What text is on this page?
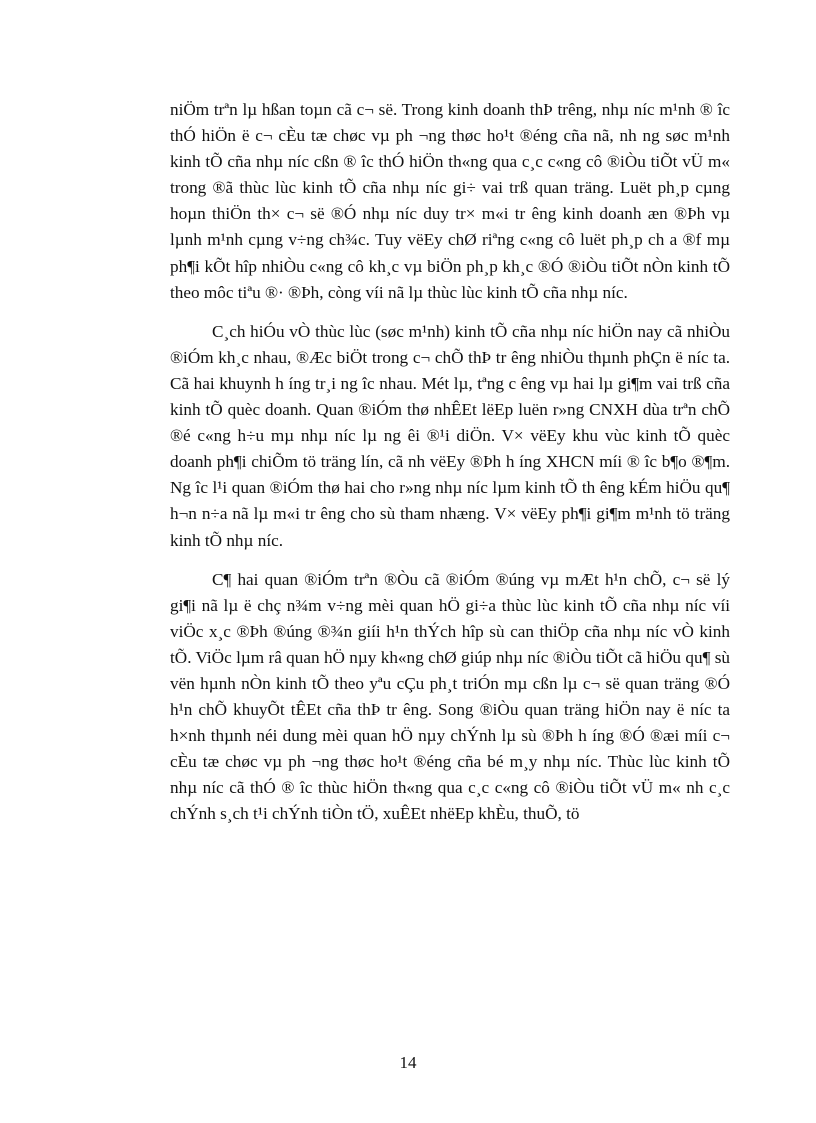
niÖm trªn lµ hßan toµn cã c¬ së. Trong kinh doanh thÞ trêng, nhµ níc m¹nh ® îc thÓ hiÖn ë c¬ cÈu tæ chøc vµ ph ¬ng thøc ho¹t ®éng cña nã, nh ng søc m¹nh kinh tÕ cña nhµ níc cßn ® îc thÓ hiÖn th«ng qua c¸c c«ng cô ®iÒu tiÕt vÜ m« trong ®ã thùc lùc kinh tÕ cña nhµ níc gi÷ vai trß quan träng. Luët ph¸p cµng hoµn thiÖn th× c¬ së ®Ó nhµ níc duy tr× m«i tr êng kinh doanh æn ®Þh vµ lµnh m¹nh cµng v÷ng ch¾c. Tuy vëEy chØ riªng c«ng cô luët ph¸p ch a ®f mµ ph¶i kÕt hîp nhiÒu c«ng cô kh¸c vµ biÖn ph¸p kh¸c ®Ó ®iÒu tiÕt nÒn kinh tÕ theo môc tiªu ®· ®Þh, còng víi nã lµ thùc lùc kinh tÕ cña nhµ níc.

C¸ch hiÓu vÒ thùc lùc (søc m¹nh) kinh tÕ cña nhµ níc hiÖn nay cã nhiÒu ®iÓm kh¸c nhau, ®Æc biÖt trong c¬ chÕ thÞ tr êng nhiÒu thµnh phÇn ë níc ta. Cã hai khuynh h íng tr¸i ng îc nhau. Mét lµ, tªng c êng vµ hai lµ gi¶m vai trß cña kinh tÕ quèc doanh. Quan ®iÓm thø nhÊEt lëEp luën r»ng CNXH dùa trªn chÕ ®é c«ng h÷u mµ nhµ níc lµ ng êi ®¹i diÖn. V× vëEy khu vùc kinh tÕ quèc doanh ph¶i chiÕm tö träng lín, cã nh vëEy ®Þh h íng XHCN míi ® îc b¶o ®¶m. Ng îc l¹i quan ®iÓm thø hai cho r»ng nhµ níc lµm kinh tÕ th êng kÉm hiÖu qu¶ h¬n n÷a nã lµ m«i tr êng cho sù tham nhæng. V× vëEy ph¶i gi¶m m¹nh tö träng kinh tÕ nhµ níc.

C¶ hai quan ®iÓm trªn ®Òu cã ®iÓm ®úng vµ mÆt h¹n chÕ, c¬ së lý gi¶i nã lµ ë chç n¾m v÷ng mèi quan hÖ gi÷a thùc lùc kinh tÕ cña nhµ níc víi viÖc x¸c ®Þh ®úng ®¾n giíi h¹n thÝch hîp sù can thiÖp cña nhµ níc vÒ kinh tÕ. ViÖc lµm râ quan hÖ nµy kh«ng chØ giúp nhµ níc ®iÒu tiÕt cã hiÖu qu¶ sù vën hµnh nÒn kinh tÕ theo yªu cÇu ph¸t triÓn mµ cßn lµ c¬ së quan träng ®Ó h¹n chÕ khuyÕt tÊEt cña thÞ tr êng. Song ®iÒu quan träng hiÖn nay ë níc ta h×nh thµnh néi dung mèi quan hÖ nµy chÝnh lµ sù ®Þh h íng ®Ó ®æi míi c¬ cÈu tæ chøc vµ ph ¬ng thøc ho¹t ®éng cña bé m¸y nhµ níc. Thùc lùc kinh tÕ nhµ níc cã thÓ ® îc thùc hiÖn th«ng qua c¸c c«ng cô ®iÒu tiÕt vÜ m« nh c¸c chÝnh s¸ch t¹i chÝnh tiÒn tÖ, xuÊEt nhëEp khÈu, thuÕ, tö

14
